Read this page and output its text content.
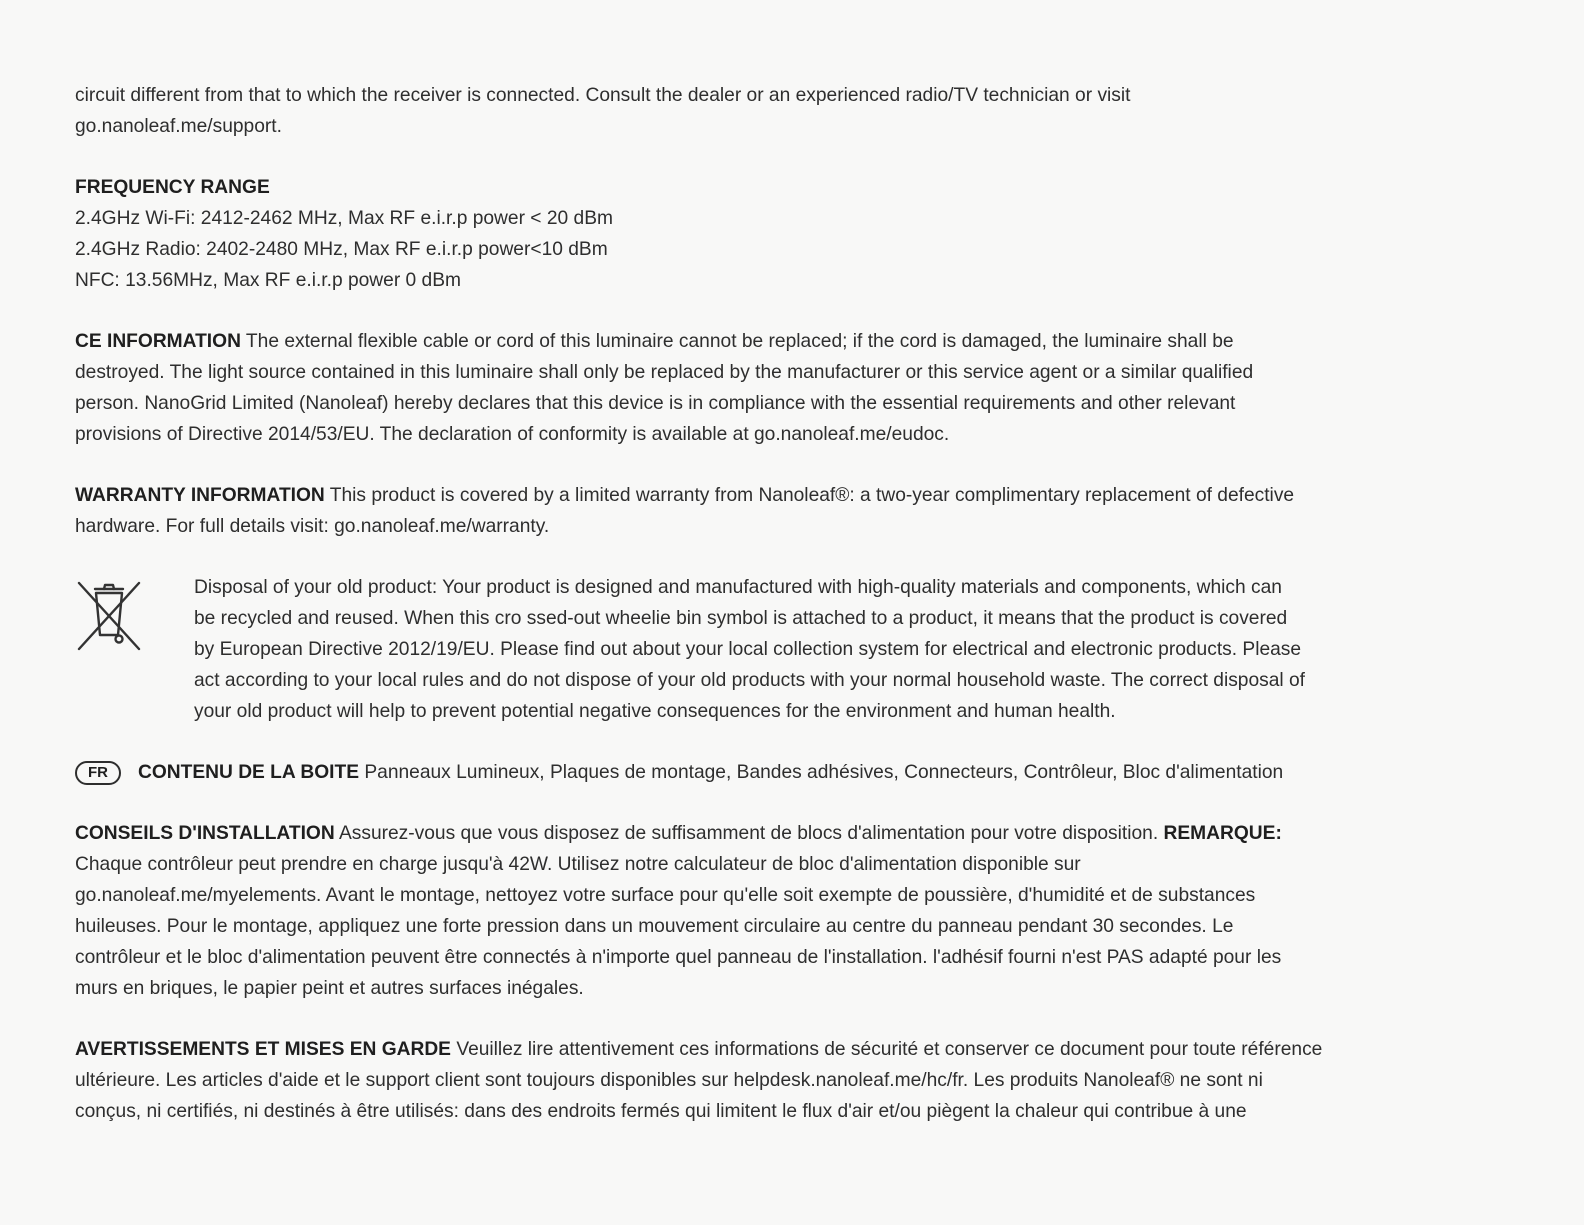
circuit different from that to which the receiver is connected. Consult the dealer or an experienced radio/TV technician or visit
go.nanoleaf.me/support.
FREQUENCY RANGE
2.4GHz Wi-Fi: 2412-2462 MHz, Max RF e.i.r.p power < 20 dBm
2.4GHz Radio: 2402-2480 MHz, Max RF e.i.r.p power<10 dBm
NFC: 13.56MHz, Max RF e.i.r.p power 0 dBm
CE INFORMATION The external flexible cable or cord of this luminaire cannot be replaced; if the cord is damaged, the luminaire shall be
destroyed. The light source contained in this luminaire shall only be replaced by the manufacturer or this service agent or a similar qualified
person. NanoGrid Limited (Nanoleaf) hereby declares that this device is in compliance with the essential requirements and other relevant
provisions of Directive 2014/53/EU. The declaration of conformity is available at go.nanoleaf.me/eudoc.
WARRANTY INFORMATION This product is covered by a limited warranty from Nanoleaf®: a two-year complimentary replacement of defective
hardware. For full details visit: go.nanoleaf.me/warranty.
Disposal of your old product: Your product is designed and manufactured with high-quality materials and components, which can
be recycled and reused. When this cro ssed-out wheelie bin symbol is attached to a product, it means that the product is covered
by European Directive 2012/19/EU. Please find out about your local collection system for electrical and electronic products. Please
act according to your local rules and do not dispose of your old products with your normal household waste. The correct disposal of
your old product will help to prevent potential negative consequences for the environment and human health.
FR	CONTENU DE LA BOITE
Panneaux Lumineux, Plaques de montage, Bandes adhésives, Connecteurs, Contrôleur, Bloc d'alimentation
CONSEILS D'INSTALLATION Assurez-vous que vous disposez de suffisamment de blocs d'alimentation pour votre disposition. REMARQUE:
Chaque contrôleur peut prendre en charge jusqu'à 42W. Utilisez notre calculateur de bloc d'alimentation disponible sur
go.nanoleaf.me/myelements. Avant le montage, nettoyez votre surface pour qu'elle soit exempte de poussière, d'humidité et de substances
huileuses. Pour le montage, appliquez une forte pression dans un mouvement circulaire au centre du panneau pendant 30 secondes. Le
contrôleur et le bloc d'alimentation peuvent être connectés à n'importe quel panneau de l'installation. l'adhésif fourni n'est PAS adapté pour les
murs en briques, le papier peint et autres surfaces inégales.
AVERTISSEMENTS ET MISES EN GARDE Veuillez lire attentivement ces informations de sécurité et conserver ce document pour toute référence
ultérieure. Les articles d'aide et le support client sont toujours disponibles sur helpdesk.nanoleaf.me/hc/fr. Les produits Nanoleaf® ne sont ni
conçus, ni certifiés, ni destinés à être utilisés: dans des endroits fermés qui limitent le flux d'air et/ou piègent la chaleur qui contribue à une
